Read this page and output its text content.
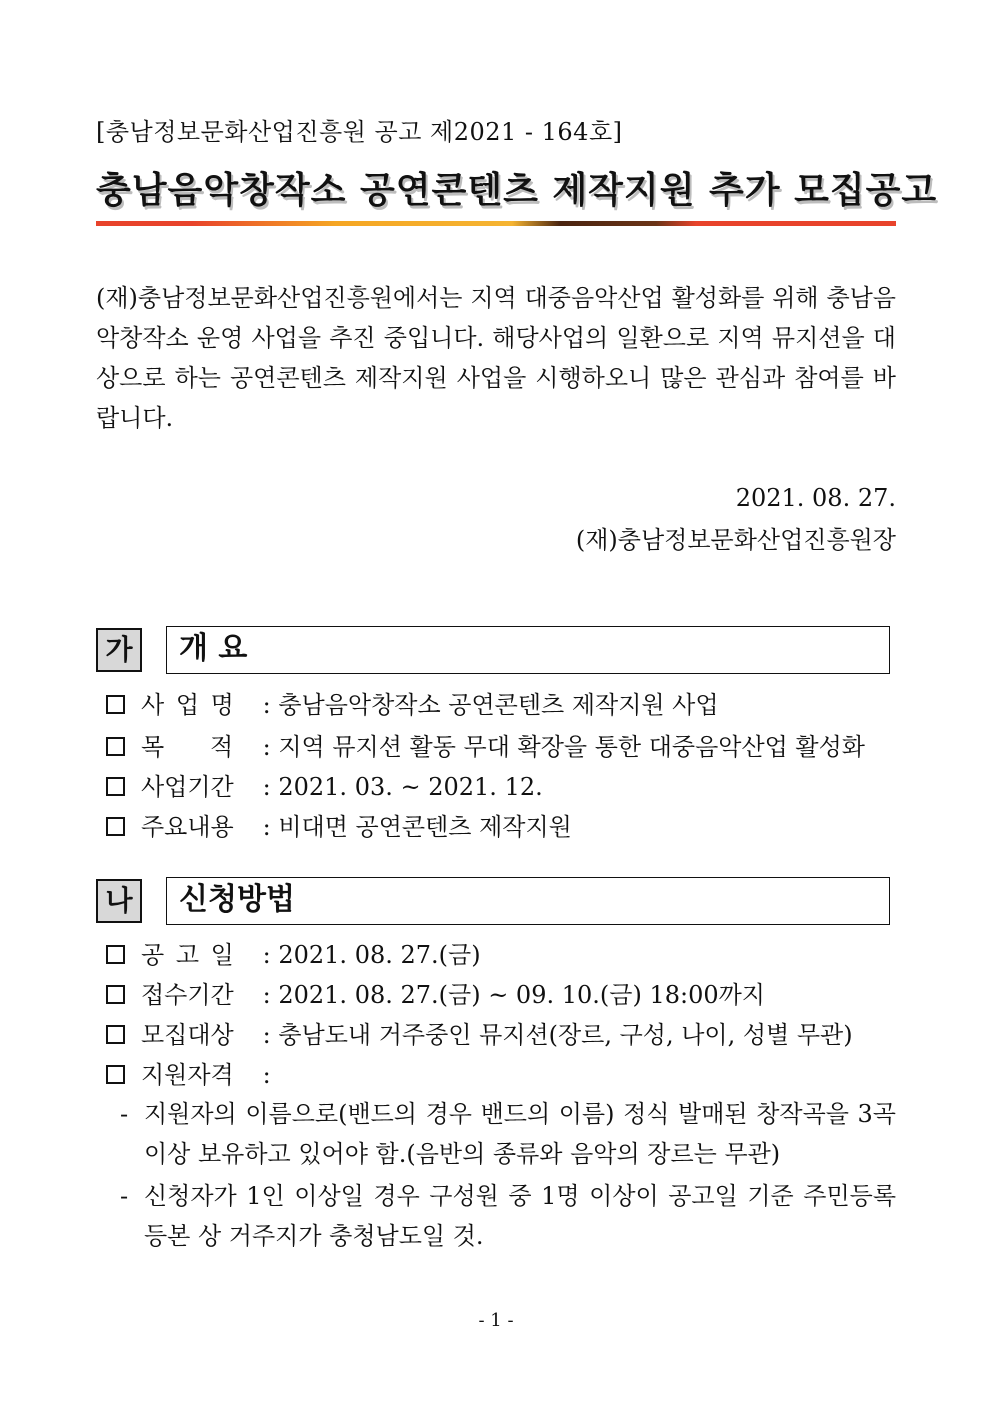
[충남정보문화산업진흥원 공고 제2021 - 164호]
충남음악창작소 공연콘텐츠 제작지원 추가 모집공고

(재)충남정보문화산업진흥원에서는 지역 대중음악산업 활성화를 위해 충남음악창작소 운영 사업을 추진 중입니다. 해당사업의 일환으로 지역 뮤지션을 대상으로 하는 공연콘텐츠 제작지원 사업을 시행하오니 많은 관심과 참여를 바랍니다.

2021. 08. 27.
(재)충남정보문화산업진흥원장
가	개 요
사 업 명 : 충남음악창작소 공연콘텐츠 제작지원 사업
목      적 : 지역 뮤지션 활동 무대 확장을 통한 대중음악산업 활성화
사업기간 : 2021. 03. ~ 2021. 12.
주요내용 : 비대면 공연콘텐츠 제작지원
나	신청방법
공 고 일 : 2021. 08. 27.(금)
접수기간 : 2021. 08. 27.(금) ~ 09. 10.(금) 18:00까지
모집대상 : 충남도내 거주중인 뮤지션(장르, 구성, 나이, 성별 무관)
지원자격 :
- 지원자의 이름으로(밴드의 경우 밴드의 이름) 정식 발매된 창작곡을 3곡 이상 보유하고 있어야 함.(음반의 종류와 음악의 장르는 무관)
- 신청자가 1인 이상일 경우 구성원 중 1명 이상이 공고일 기준 주민등록등본 상 거주지가 충청남도일 것.
- 1 -
